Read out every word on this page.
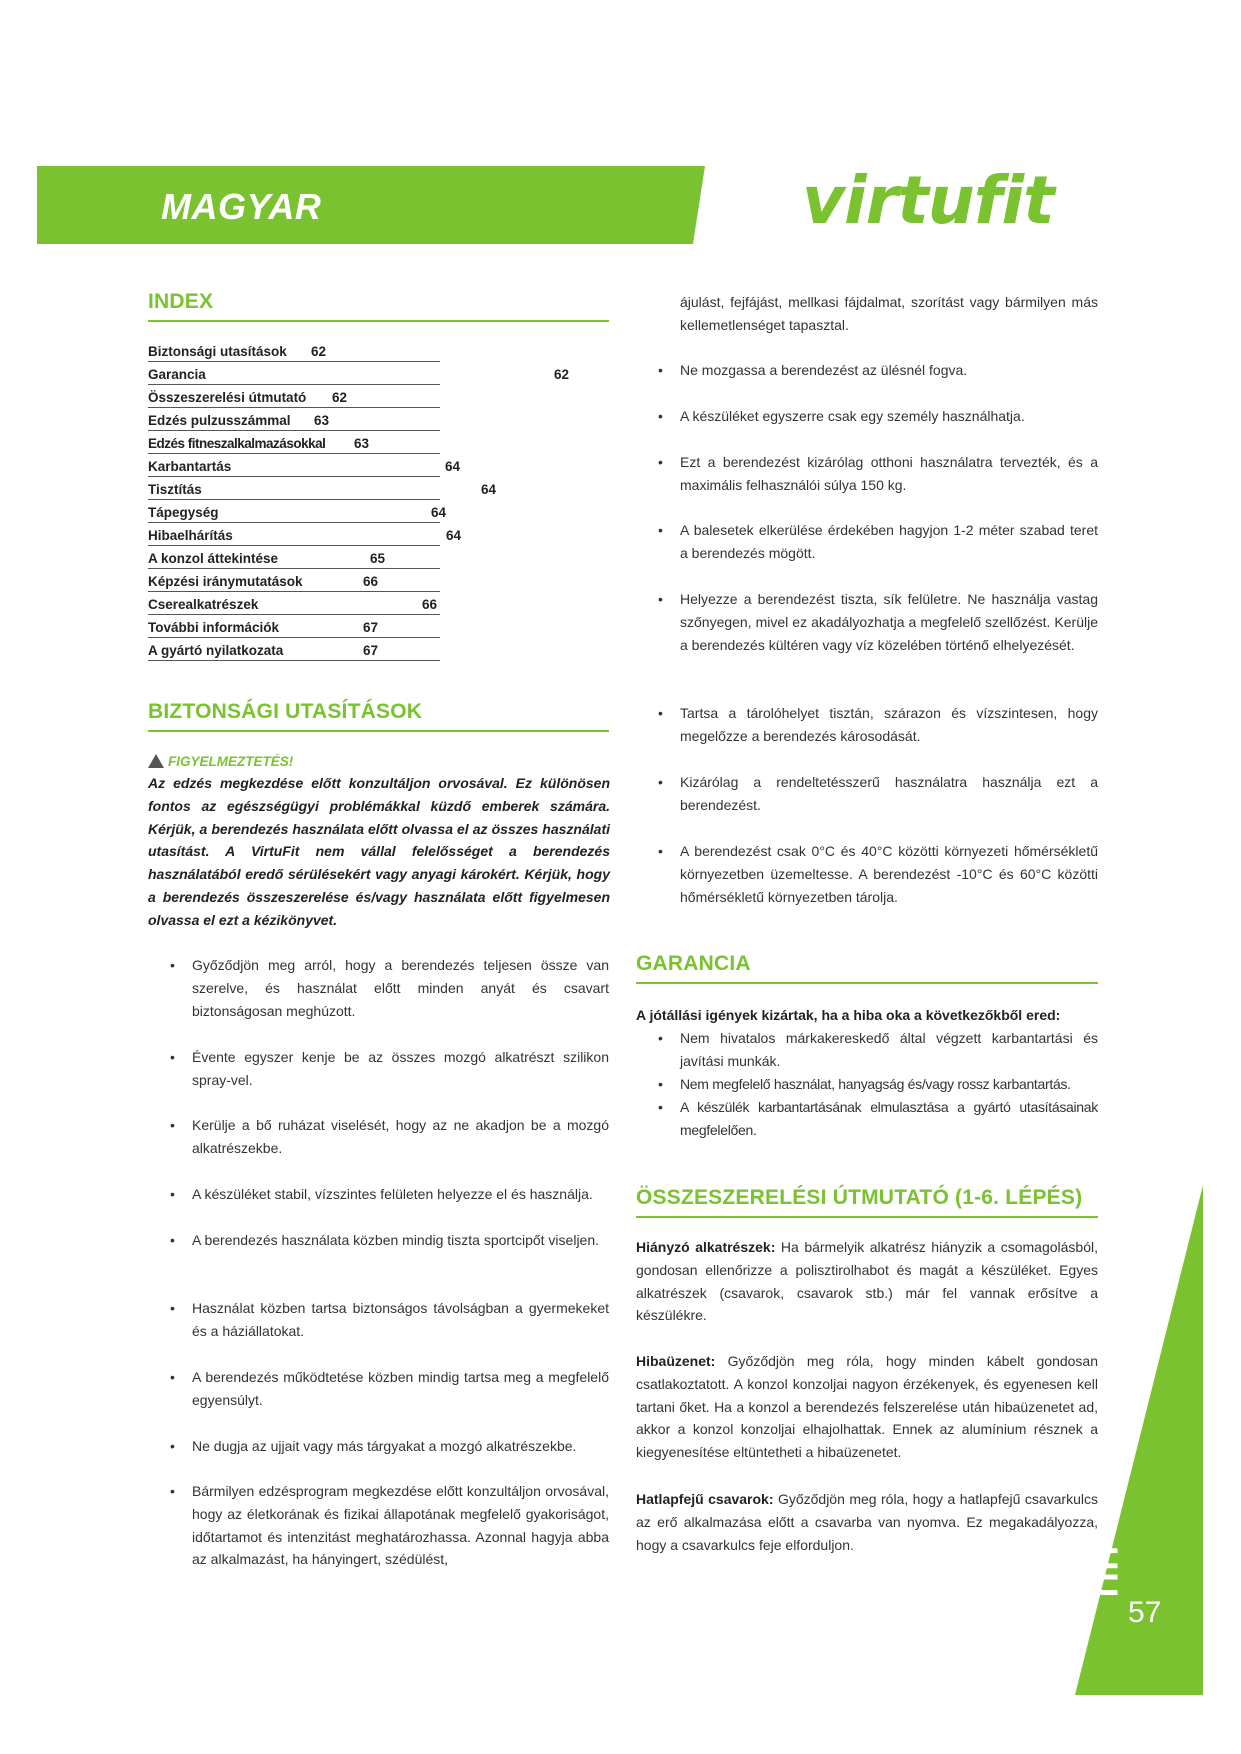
MAGYAR	virtufit
INDEX
Biztonsági utasítások 62
Garancia	62
Összeszerelési útmutató 62
Edzés pulzusszámmal 63
Edzés fitneszalkalmazásokkal 63
Karbantartás	64
Tisztítás	64
Tápegység	64
Hibaelhárítás	64
A konzol áttekintése	65
Képzési iránymutatások	66
Cserealkatrészek	66
További információk	67
A gyártó nyilatkozata	67
BIZTONSÁGI UTASÍTÁSOK
FIGYELMEZTETÉS!
Az edzés megkezdése előtt konzultáljon orvosával. Ez különösen fontos az egészségügyi problémákkal küzdő emberek számára. Kérjük, a berendezés használata előtt olvassa el az összes használati utasítást. A VirtuFit nem vállal felelősséget a berendezés használatából eredő sérülésekért vagy anyagi károkért. Kérjük, hogy a berendezés összeszerelése és/vagy használata előtt figyelmesen olvassa el ezt a kézikönyvet.
• Győződjön meg arról, hogy a berendezés teljesen össze van szerelve, és használat előtt minden anyát és csavart biztonságosan meghúzott.
• Évente egyszer kenje be az összes mozgó alkatrészt szilikon spray-vel.
• Kerülje a bő ruházat viselését, hogy az ne akadjon be a mozgó alkatrészekbe.
• A készüléket stabil, vízszintes felületen helyezze el és használja.
• A berendezés használata közben mindig tiszta sportcipőt viseljen.
• Használat közben tartsa biztonságos távolságban a gyermekeket és a háziállatokat.
• A berendezés működtetése közben mindig tartsa meg a megfelelő egyensúlyt.
• Ne dugja az ujjait vagy más tárgyakat a mozgó alkatrészekbe.
• Bármilyen edzésprogram megkezdése előtt konzultáljon orvosával, hogy az életkorának és fizikai állapotának megfelelő gyakoriságot, időtartamot és intenzitást meghatározhassa. Azonnal hagyja abba az alkalmazást, ha hányingert, szédülést,
ájulást, fejfájást, mellkasi fájdalmat, szorítást vagy bármilyen más kellemetlenséget tapasztal.
• Ne mozgassa a berendezést az ülésnél fogva.
• A készüléket egyszerre csak egy személy használhatja.
• Ezt a berendezést kizárólag otthoni használatra tervezték, és a maximális felhasználói súlya 150 kg.
• A balesetek elkerülése érdekében hagyjon 1-2 méter szabad teret a berendezés mögött.
• Helyezze a berendezést tiszta, sík felületre. Ne használja vastag szőnyegen, mivel ez akadályozhatja a megfelelő szellőzést. Kerülje a berendezés kültéren vagy víz közelében történő elhelyezését.
• Tartsa a tárolóhelyet tisztán, szárazon és vízszintesen, hogy megelőzze a berendezés károsodását.
• Kizárólag a rendeltetésszerű használatra használja ezt a berendezést.
• A berendezést csak 0°C és 40°C közötti környezeti hőmérsékletű környezetben üzemeltesse. A berendezést -10°C és 60°C közötti hőmérsékletű környezetben tárolja.
GARANCIA
A jótállási igények kizártak, ha a hiba oka a következőkből ered:
• Nem hivatalos márkakereskedő által végzett karbantartási és javítási munkák.
• Nem megfelelő használat, hanyagság és/vagy rossz karbantartás.
• A készülék karbantartásának elmulasztása a gyártó utasításainak megfelelően.
ÖSSZESZERELÉSI ÚTMUTATÓ (1-6. LÉPÉS)
Hiányzó alkatrészek: Ha bármelyik alkatrész hiányzik a csomagolásból, gondosan ellenőrizze a polisztirolhabot és magát a készüléket. Egyes alkatrészek (csavarok, csavarok stb.) már fel vannak erősítve a készülékre.
Hibaüzenet: Győződjön meg róla, hogy minden kábelt gondosan csatlakoztatott. A konzol konzoljai nagyon érzékenyek, és egyenesen kell tartani őket. Ha a konzol a berendezés felszerelése után hibaüzenetet ad, akkor a konzol konzoljai elhajolhattak. Ennek az alumínium résznek a kiegyenesítése eltüntetheti a hibaüzenetet.
Hatlapfejű csavarok: Győződjön meg róla, hogy a hatlapfejű csavarkulcs az erő alkalmazása előtt a csavarba van nyomva. Ez megakadályozza, hogy a csavarkulcs feje elforduljon.
HU
57
